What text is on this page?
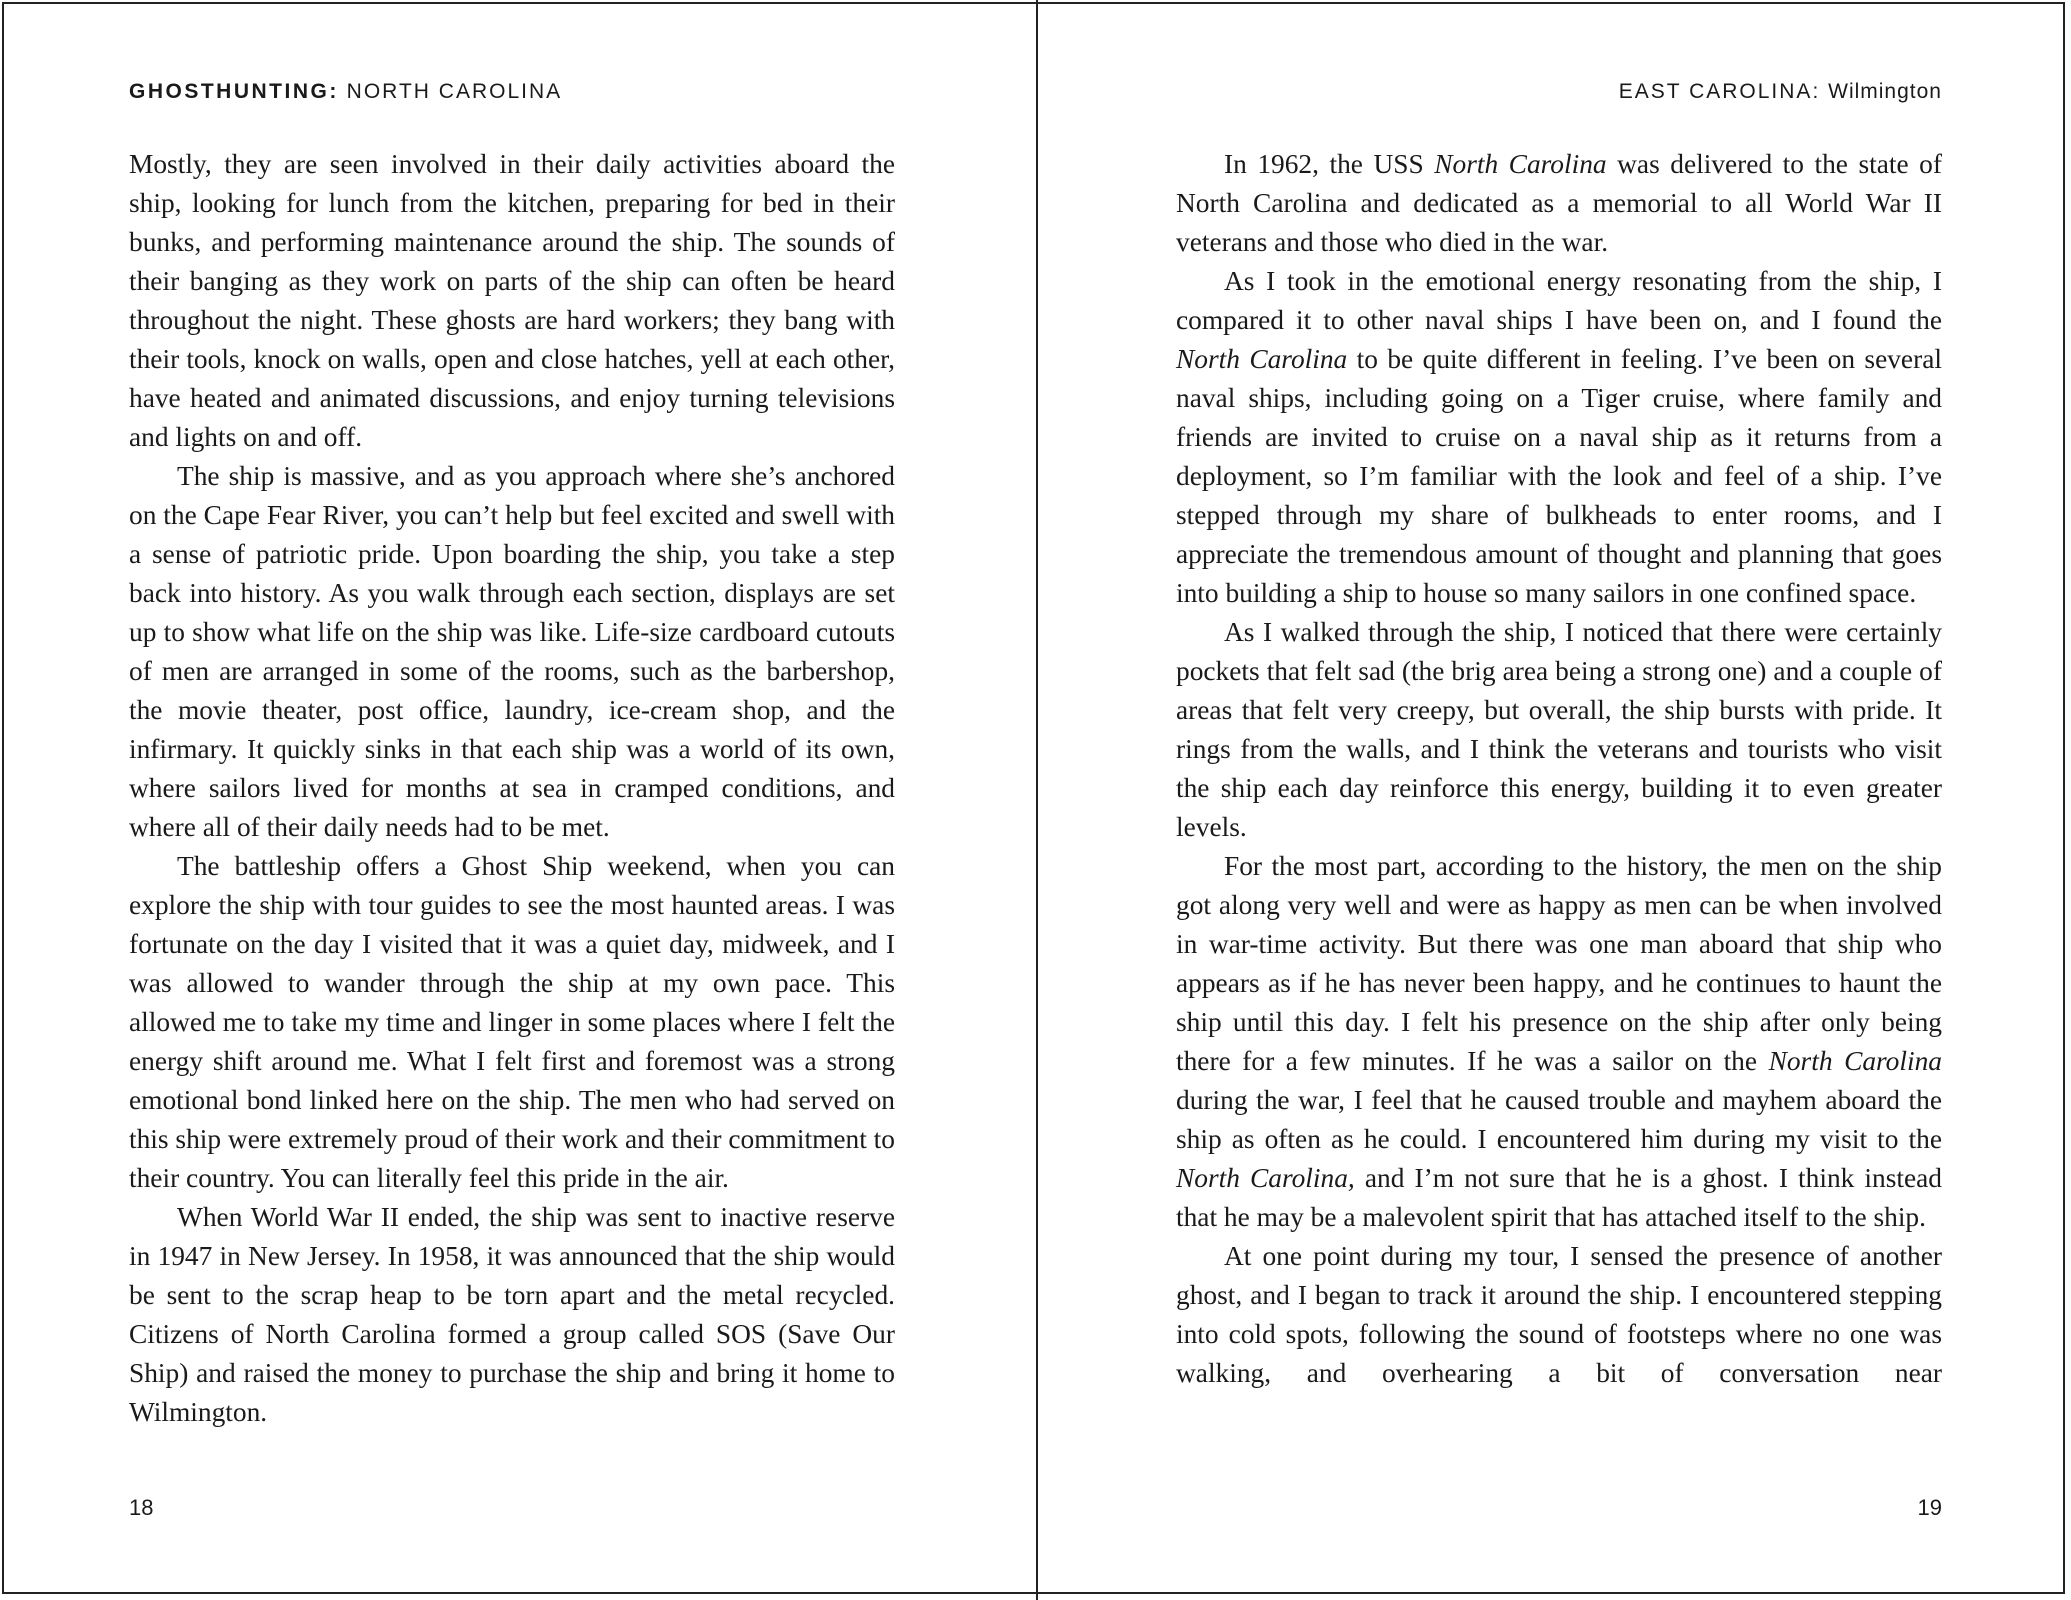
GHOSTHUNTING: NORTH CAROLINA

Mostly, they are seen involved in their daily activities aboard the ship, looking for lunch from the kitchen, preparing for bed in their bunks, and performing maintenance around the ship. The sounds of their banging as they work on parts of the ship can often be heard throughout the night. These ghosts are hard workers; they bang with their tools, knock on walls, open and close hatches, yell at each other, have heated and animated discussions, and enjoy turning televisions and lights on and off.

The ship is massive, and as you approach where she’s anchored on the Cape Fear River, you can’t help but feel excited and swell with a sense of patriotic pride. Upon boarding the ship, you take a step back into history. As you walk through each section, displays are set up to show what life on the ship was like. Life-size cardboard cutouts of men are arranged in some of the rooms, such as the barbershop, the movie theater, post office, laundry, ice-cream shop, and the infirmary. It quickly sinks in that each ship was a world of its own, where sailors lived for months at sea in cramped conditions, and where all of their daily needs had to be met.

The battleship offers a Ghost Ship weekend, when you can explore the ship with tour guides to see the most haunted areas. I was fortunate on the day I visited that it was a quiet day, midweek, and I was allowed to wander through the ship at my own pace. This allowed me to take my time and linger in some places where I felt the energy shift around me. What I felt first and foremost was a strong emotional bond linked here on the ship. The men who had served on this ship were extremely proud of their work and their commitment to their country. You can literally feel this pride in the air.

When World War II ended, the ship was sent to inactive reserve in 1947 in New Jersey. In 1958, it was announced that the ship would be sent to the scrap heap to be torn apart and the metal recycled. Citizens of North Carolina formed a group called SOS (Save Our Ship) and raised the money to purchase the ship and bring it home to Wilmington.

18
EAST CAROLINA: Wilmington

In 1962, the USS North Carolina was delivered to the state of North Carolina and dedicated as a memorial to all World War II veterans and those who died in the war.

As I took in the emotional energy resonating from the ship, I compared it to other naval ships I have been on, and I found the North Carolina to be quite different in feeling. I’ve been on several naval ships, including going on a Tiger cruise, where family and friends are invited to cruise on a naval ship as it returns from a deployment, so I’m familiar with the look and feel of a ship. I’ve stepped through my share of bulkheads to enter rooms, and I appreciate the tremendous amount of thought and planning that goes into building a ship to house so many sailors in one confined space.

As I walked through the ship, I noticed that there were certainly pockets that felt sad (the brig area being a strong one) and a couple of areas that felt very creepy, but overall, the ship bursts with pride. It rings from the walls, and I think the veterans and tourists who visit the ship each day reinforce this energy, building it to even greater levels.

For the most part, according to the history, the men on the ship got along very well and were as happy as men can be when involved in war-time activity. But there was one man aboard that ship who appears as if he has never been happy, and he continues to haunt the ship until this day. I felt his presence on the ship after only being there for a few minutes. If he was a sailor on the North Carolina during the war, I feel that he caused trouble and mayhem aboard the ship as often as he could. I encountered him during my visit to the North Carolina, and I’m not sure that he is a ghost. I think instead that he may be a malevolent spirit that has attached itself to the ship.

At one point during my tour, I sensed the presence of another ghost, and I began to track it around the ship. I encountered stepping into cold spots, following the sound of footsteps where no one was walking, and overhearing a bit of conversation near

19
